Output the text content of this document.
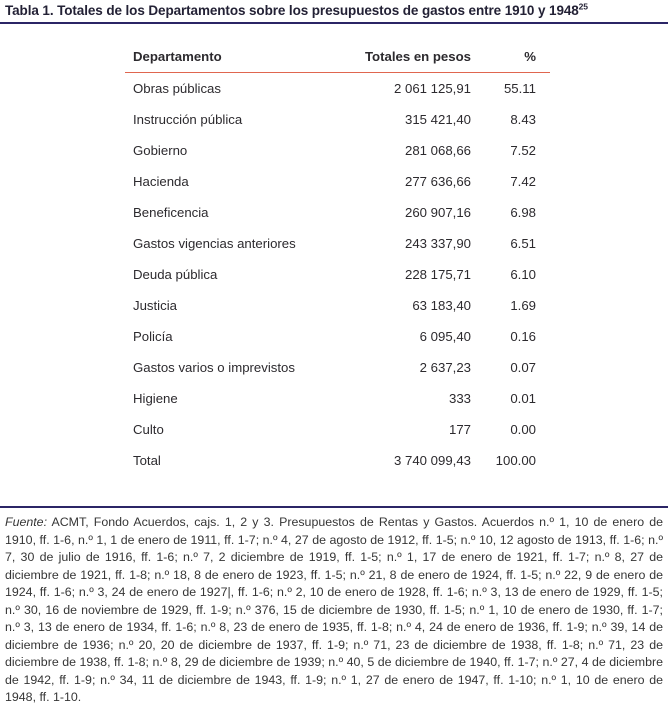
Tabla 1. Totales de los Departamentos sobre los presupuestos de gastos entre 1910 y 1948$^{25}$
Departamento	Totales en pesos	%
Obras públicas	2 061 125,91	55.11
Instrucción pública	315 421,40	8.43
Gobierno	281 068,66	7.52
Hacienda	277 636,66	7.42
Beneficencia	260 907,16	6.98
Gastos vigencias anteriores	243 337,90	6.51
Deuda pública	228 175,71	6.10
Justicia	63 183,40	1.69
Policía	6 095,40	0.16
Gastos varios o imprevistos	2 637,23	0.07
Higiene	333	0.01
Culto	177	0.00
Total	3 740 099,43	100.00

Fuente: ACMT, Fondo Acuerdos, cajs. 1, 2 y 3. Presupuestos de Rentas y Gastos. Acuerdos n.º 1, 10 de enero de 1910, ff. 1-6, n.º 1, 1 de enero de 1911, ff. 1-7; n.º 4, 27 de agosto de 1912, ff. 1-5; n.º 10, 12 agosto de 1913, ff. 1-6; n.º 7, 30 de julio de 1916, ff. 1-6; n.º 7, 2 diciembre de 1919, ff. 1-5; n.º 1, 17 de enero de 1921, ff. 1-7; n.º 8, 27 de diciembre de 1921, ff. 1-8; n.º 18, 8 de enero de 1923, ff. 1-5; n.º 21, 8 de enero de 1924, ff. 1-5; n.º 22, 9 de enero de 1924, ff. 1-6; n.º 3, 24 de enero de 1927|, ff. 1-6; n.º 2, 10 de enero de 1928, ff. 1-6; n.º 3, 13 de enero de 1929, ff. 1-5; n.º 30, 16 de noviembre de 1929, ff. 1-9; n.º 376, 15 de diciembre de 1930, ff. 1-5; n.º 1, 10 de enero de 1930, ff. 1-7; n.º 3, 13 de enero de 1934, ff. 1-6; n.º 8, 23 de enero de 1935, ff. 1-8; n.º 4, 24 de enero de 1936, ff. 1-9; n.º 39, 14 de diciembre de 1936; n.º 20, 20 de diciembre de 1937, ff. 1-9; n.º 71, 23 de diciembre de 1938, ff. 1-8; n.º 71, 23 de diciembre de 1938, ff. 1-8; n.º 8, 29 de diciembre de 1939; n.º 40, 5 de diciembre de 1940, ff. 1-7; n.º 27, 4 de diciembre de 1942, ff. 1-9; n.º 34, 11 de diciembre de 1943, ff. 1-9; n.º 1, 27 de enero de 1947, ff. 1-10; n.º 1, 10 de enero de 1948, ff. 1-10.
